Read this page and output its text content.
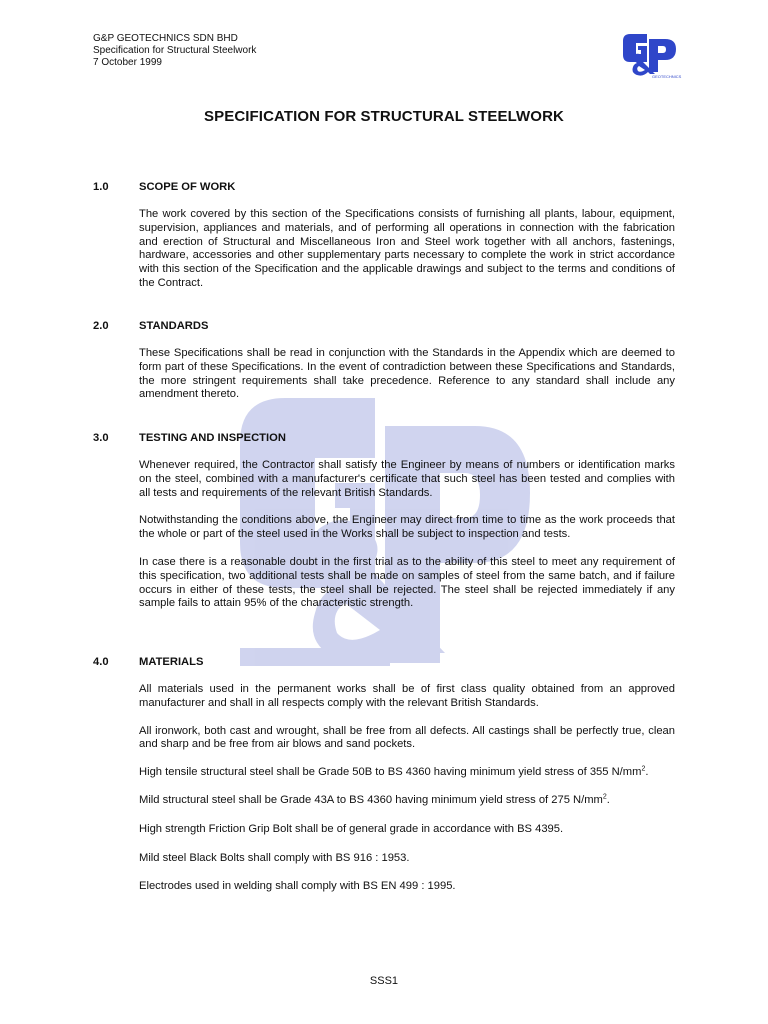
G&P GEOTECHNICS SDN BHD
Specification for Structural Steelwork
7 October 1999
GEOTECHNICS
SPECIFICATION FOR STRUCTURAL STEELWORK
1.0	SCOPE OF WORK

The work covered by this section of the Specifications consists of furnishing all plants, labour, equipment, supervision, appliances and materials, and of performing all operations in connection with the fabrication and erection of Structural and Miscellaneous Iron and Steel work together with all anchors, fastenings, hardware, accessories and other supplementary parts necessary to complete the work in strict accordance with this section of the Specification and the applicable drawings and subject to the terms and conditions of the Contract.

2.0	STANDARDS

These Specifications shall be read in conjunction with the Standards in the Appendix which are deemed to form part of these Specifications. In the event of contradiction between these Specifications and Standards, the more stringent requirements shall take precedence. Reference to any standard shall include any amendment thereto.

3.0	TESTING AND INSPECTION

Whenever required, the Contractor shall satisfy the Engineer by means of numbers or identification marks on the steel, combined with a manufacturer's certificate that such steel has been tested and complies with all tests and requirements of the relevant British Standards.

Notwithstanding the conditions above, the Engineer may direct from time to time as the work proceeds that the whole or part of the steel used in the Works shall be subject to inspection and tests.

In case there is a reasonable doubt in the first trial as to the ability of this steel to meet any requirement of this specification, two additional tests shall be made on samples of steel from the same batch, and if failure occurs in either of these tests, the steel shall be rejected. The steel shall be rejected immediately if any sample fails to attain 95% of the characteristic strength.

4.0	MATERIALS

All materials used in the permanent works shall be of first class quality obtained from an approved manufacturer and shall in all respects comply with the relevant British Standards.

All ironwork, both cast and wrought, shall be free from all defects. All castings shall be perfectly true, clean and sharp and be free from air blows and sand pockets.

High tensile structural steel shall be Grade 50B to BS 4360 having minimum yield stress of 355 $N/mm^2$.

Mild structural steel shall be Grade 43A to BS 4360 having minimum yield stress of 275 $N/mm^2$.

High strength Friction Grip Bolt shall be of general grade in accordance with BS 4395.

Mild steel Black Bolts shall comply with BS 916 : 1953.

Electrodes used in welding shall comply with BS EN 499 : 1995.

SSS1
